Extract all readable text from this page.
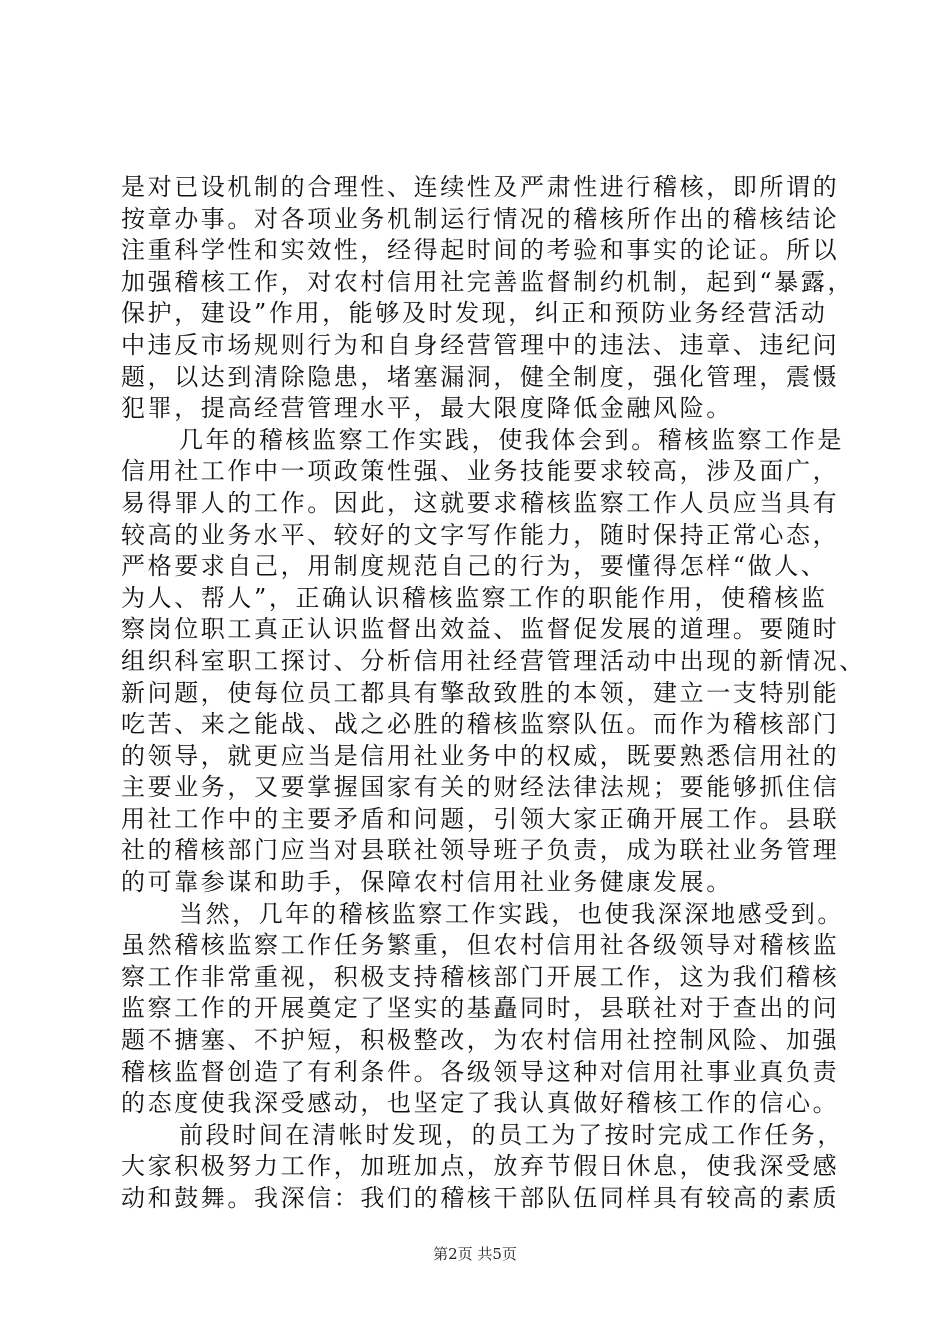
是对已设机制的合理性、连续性及严肃性进行稽核，即所谓的
按章办事。对各项业务机制运行情况的稽核所作出的稽核结论
注重科学性和实效性，经得起时间的考验和事实的论证。所以
加强稽核工作，对农村信用社完善监督制约机制，起到“暴露，
保护，建设”作用，能够及时发现，纠正和预防业务经营活动
中违反市场规则行为和自身经营管理中的违法、违章、违纪问
题，以达到清除隐患，堵塞漏洞，健全制度，强化管理，震慑
犯罪，提高经营管理水平，最大限度降低金融风险。
几年的稽核监察工作实践，使我体会到。稽核监察工作是
信用社工作中一项政策性强、业务技能要求较高，涉及面广，
易得罪人的工作。因此，这就要求稽核监察工作人员应当具有
较高的业务水平、较好的文字写作能力，随时保持正常心态，
严格要求自己，用制度规范自己的行为，要懂得怎样“做人、
为人、帮人”，正确认识稽核监察工作的职能作用，使稽核监
察岗位职工真正认识监督出效益、监督促发展的道理。要随时
组织科室职工探讨、分析信用社经营管理活动中出现的新情况、
新问题，使每位员工都具有擎敌致胜的本领，建立一支特别能
吃苦、来之能战、战之必胜的稽核监察队伍。而作为稽核部门
的领导，就更应当是信用社业务中的权威，既要熟悉信用社的
主要业务，又要掌握国家有关的财经法律法规；要能够抓住信
用社工作中的主要矛盾和问题，引领大家正确开展工作。县联
社的稽核部门应当对县联社领导班子负责，成为联社业务管理
的可靠参谋和助手，保障农村信用社业务健康发展。
当然，几年的稽核监察工作实践，也使我深深地感受到。
虽然稽核监察工作任务繁重，但农村信用社各级领导对稽核监
察工作非常重视，积极支持稽核部门开展工作，这为我们稽核
监察工作的开展奠定了坚实的基矗同时，县联社对于查出的问
题不搪塞、不护短，积极整改，为农村信用社控制风险、加强
稽核监督创造了有利条件。各级领导这种对信用社事业真负责
的态度使我深受感动，也坚定了我认真做好稽核工作的信心。
前段时间在清帐时发现，的员工为了按时完成工作任务，
大家积极努力工作，加班加点，放弃节假日休息，使我深受感
动和鼓舞。我深信：我们的稽核干部队伍同样具有较高的素质
第2页 共5页
